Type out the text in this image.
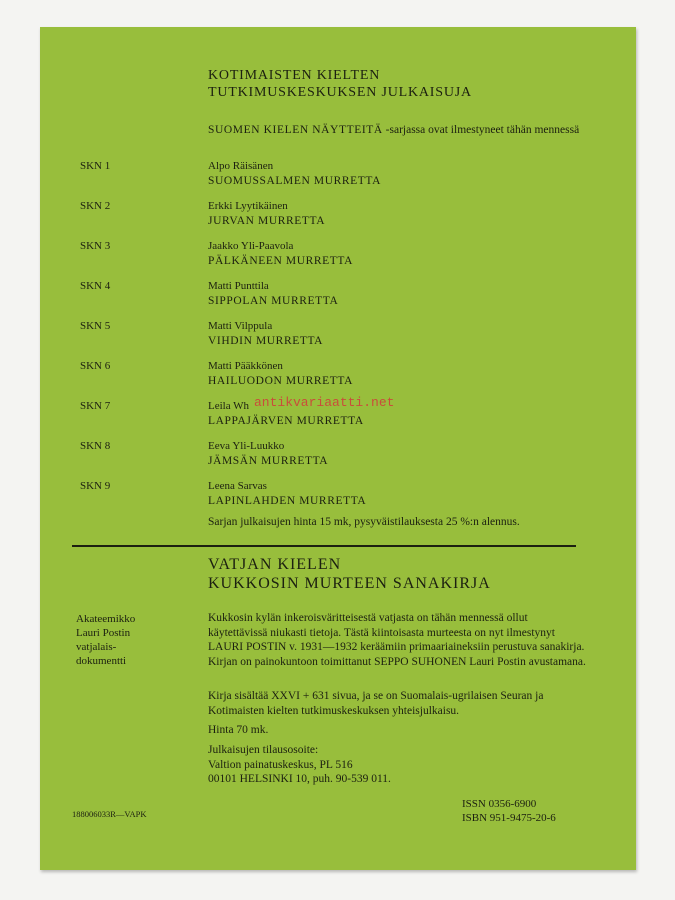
KOTIMAISTEN KIELTEN
TUTKIMUSKESKUKSEN JULKAISUJA
SUOMEN KIELEN NÄYTTEITÄ -sarjassa ovat ilmestyneet tähän mennessä
SKN 1	Alpo Räisänen
SUOMUSSALMEN MURRETTA
SKN 2	Erkki Lyytikäinen
JURVAN MURRETTA
SKN 3	Jaakko Yli-Paavola
PÄLKÄNEEN MURRETTA
SKN 4	Matti Punttila
SIPPOLAN MURRETTA
SKN 5	Matti Vilppula
VIHDIN MURRETTA
SKN 6	Matti Pääkkönen
HAILUODON MURRETTA
SKN 7	Leila Wh
LAPPAJÄRVEN MURRETTA
SKN 8	Eeva Yli-Luukko
JÄMSÄN MURRETTA
SKN 9	Leena Sarvas
LAPINLAHDEN MURRETTA
Sarjan julkaisujen hinta 15 mk, pysyväistilauksesta 25 %:n alennus.
VATJAN KIELEN
KUKKOSIN MURTEEN SANAKIRJA
Akateemikko
Lauri Postin
vatjalais-
dokumentti
Kukkosin kylän inkeroisväritteisestä vatjasta on tähän mennessä ollut käytettävissä niukasti tietoja. Tästä kiintoisasta murteesta on nyt ilmestynyt LAURI POSTIN v. 1931—1932 keräämiin primaariaineksiin perustuva sanakirja. Kirjan on painokuntoon toimittanut SEPPO SUHONEN Lauri Postin avustamana.
Kirja sisältää XXVI + 631 sivua, ja se on Suomalais-ugrilaisen Seuran ja Kotimaisten kielten tutkimuskeskuksen yhteisjulkaisu.
Hinta 70 mk.
Julkaisujen tilausosoite:
Valtion painatuskeskus, PL 516
00101 HELSINKI 10, puh. 90-539 011.
188006033R—VAPK
ISSN 0356-6900
ISBN 951-9475-20-6
antikvariaatti.net
